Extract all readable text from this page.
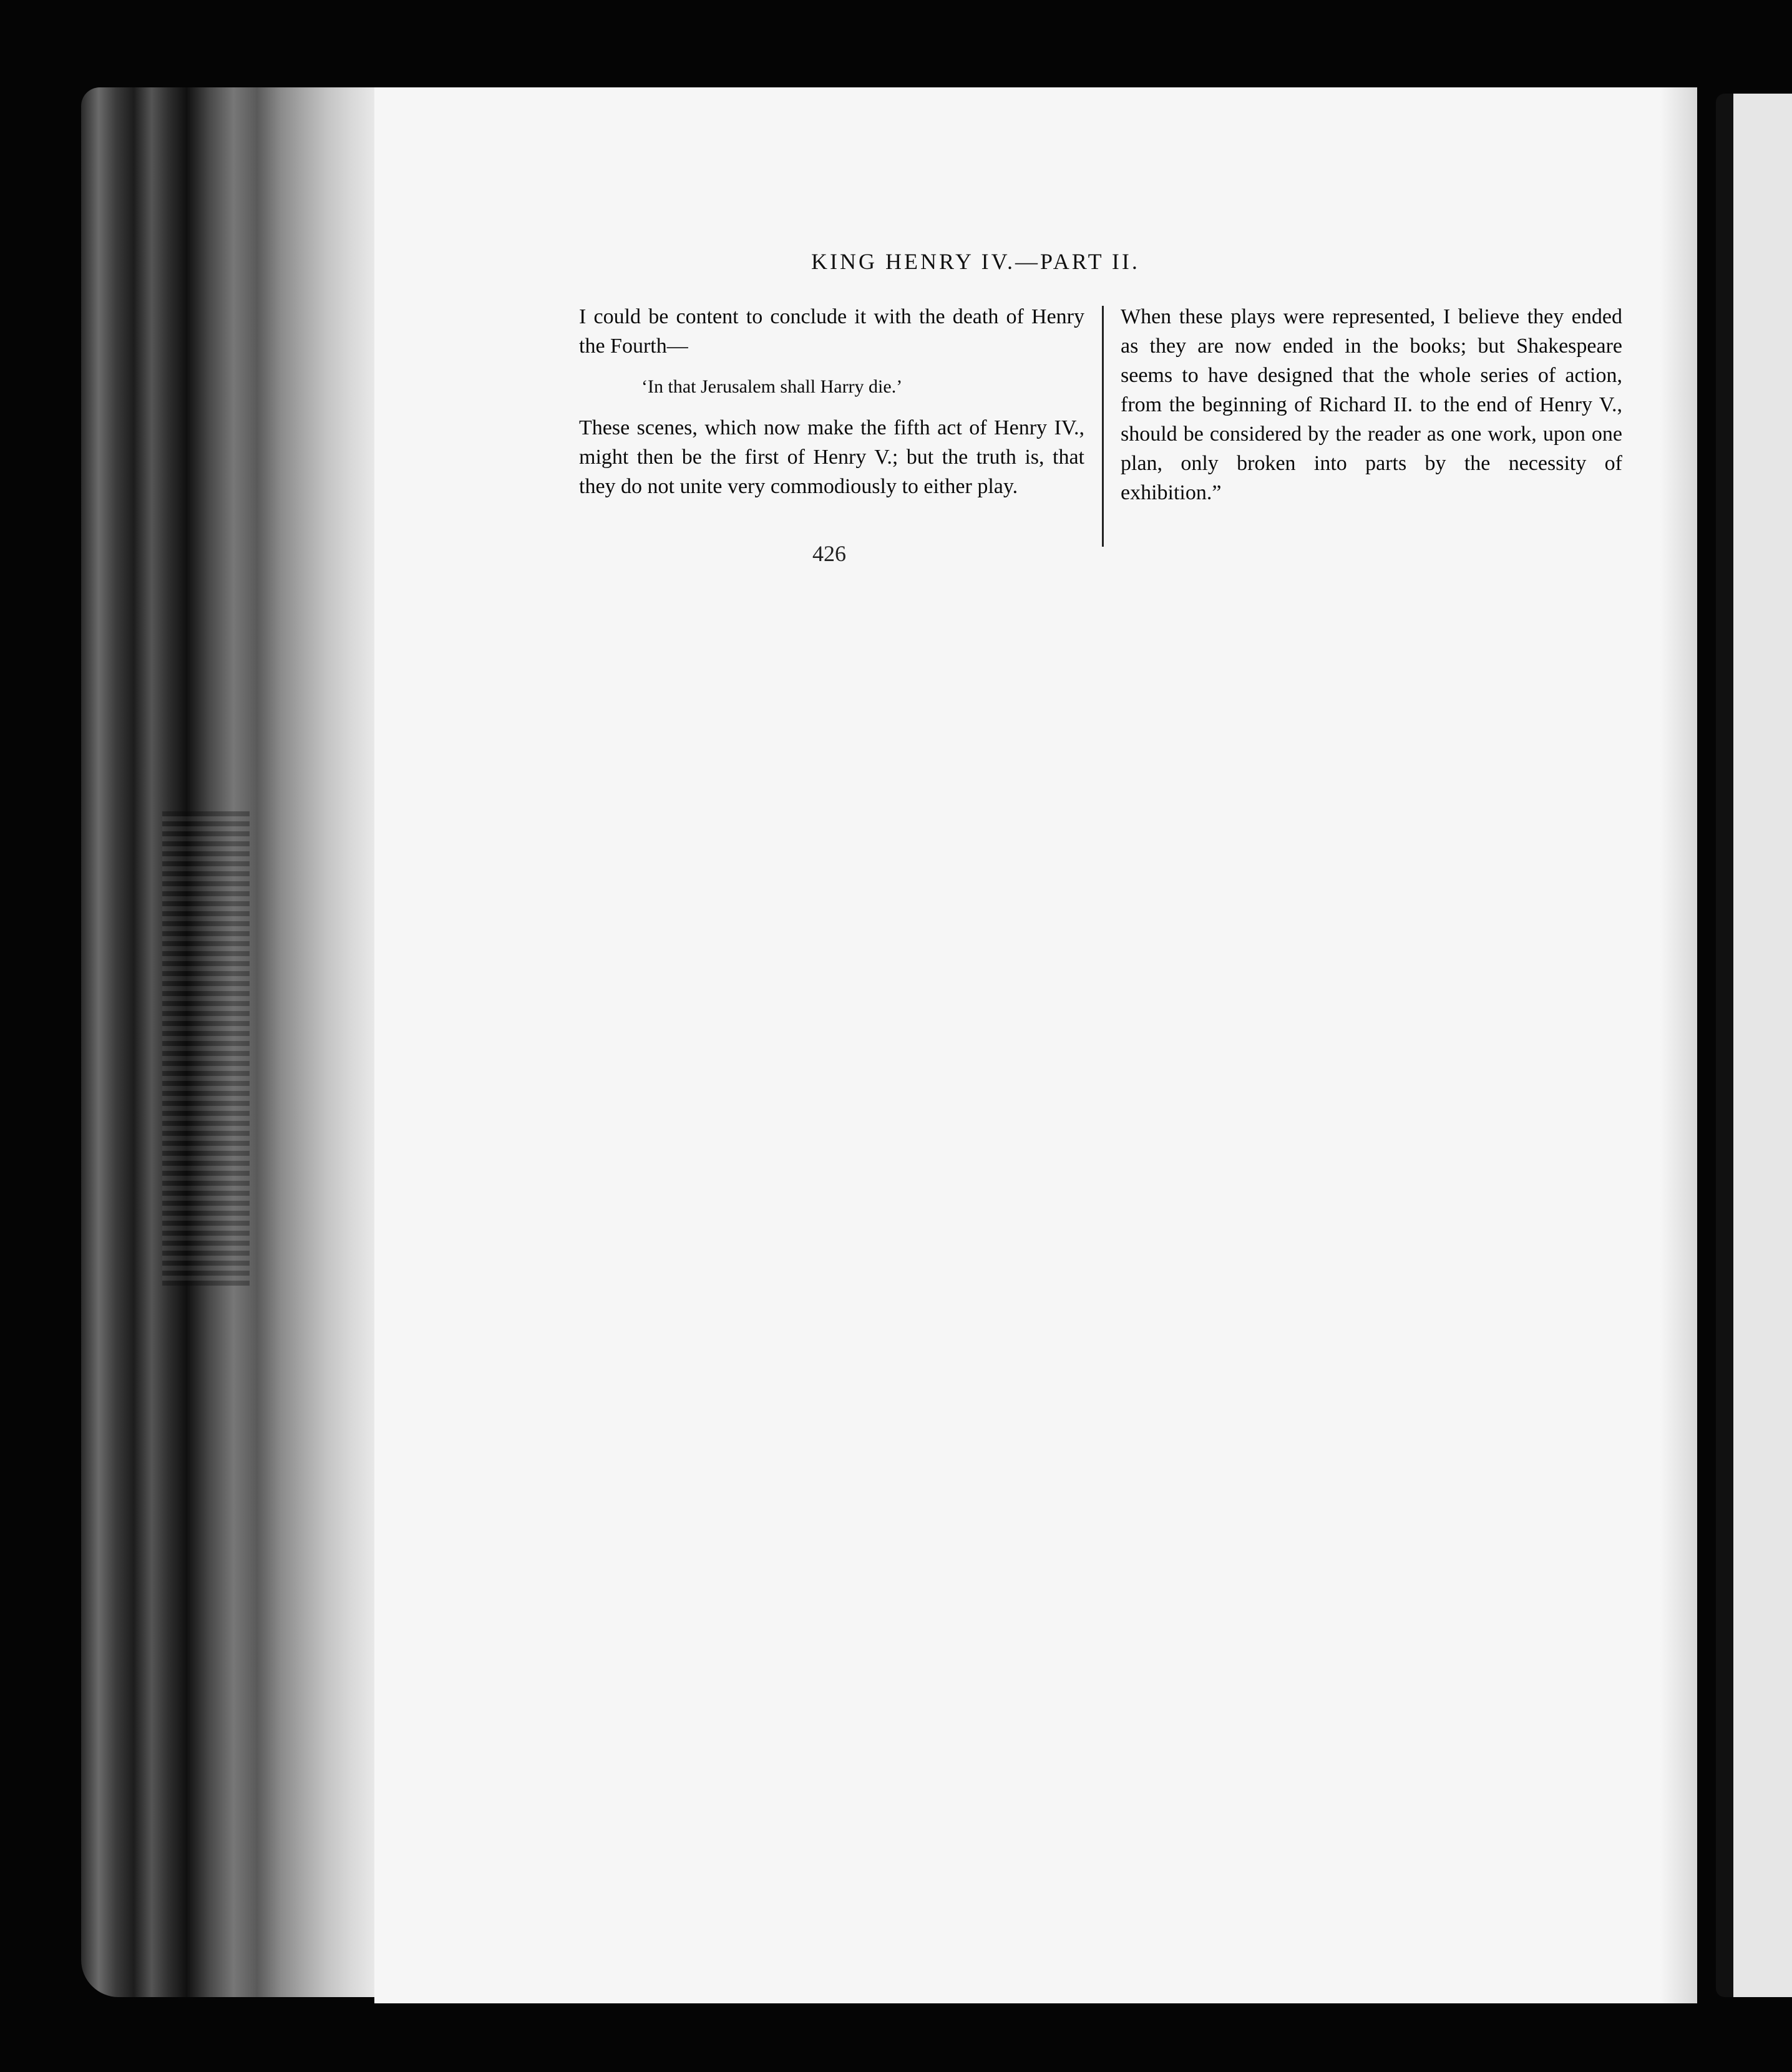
KING HENRY IV.—PART II.

I could be content to conclude it with the death of Henry the Fourth—

‘In that Jerusalem shall Harry die.’

These scenes, which now make the fifth act of Henry IV., might then be the first of Henry V.; but the truth is, that they do not unite very commodiously to either play.

When these plays were represented, I believe they ended as they are now ended in the books; but Shakespeare seems to have designed that the whole series of action, from the beginning of Richard II. to the end of Henry V., should be considered by the reader as one work, upon one plan, only broken into parts by the necessity of exhibition.”

426
